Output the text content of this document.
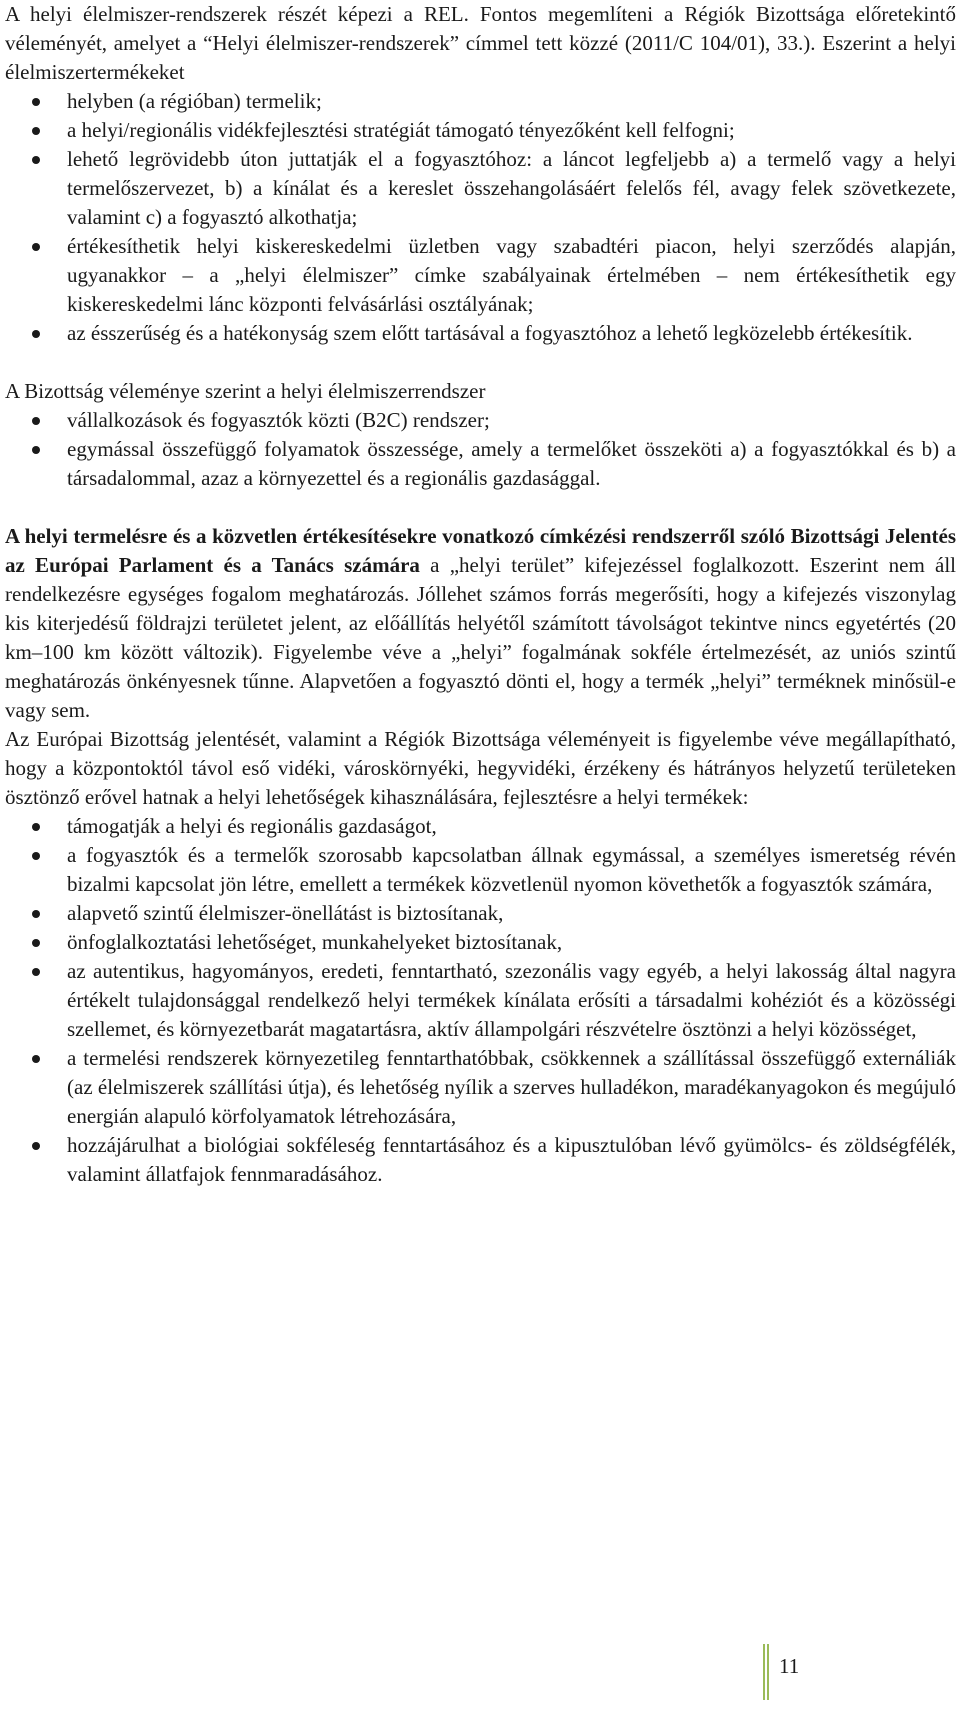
A helyi élelmiszer-rendszerek részét képezi a REL. Fontos megemlíteni a Régiók Bizottsága előretekintő véleményét, amelyet a “Helyi élelmiszer-rendszerek” címmel tett közzé (2011/C 104/01), 33.). Eszerint a helyi élelmiszertermékeket

helyben (a régióban) termelik;
a helyi/regionális vidékfejlesztési stratégiát támogató tényezőként kell felfogni;
lehető legrövidebb úton juttatják el a fogyasztóhoz: a láncot legfeljebb a) a termelő vagy a helyi termelőszervezet, b) a kínálat és a kereslet összehangolásáért felelős fél, avagy felek szövetkezete, valamint c) a fogyasztó alkothatja;
értékesíthetik helyi kiskereskedelmi üzletben vagy szabadtéri piacon, helyi szerződés alapján, ugyanakkor – a „helyi élelmiszer” címke szabályainak értelmében – nem értékesíthetik egy kiskereskedelmi lánc központi felvásárlási osztályának;
az ésszerűség és a hatékonyság szem előtt tartásával a fogyasztóhoz a lehető legközelebb értékesítik.

A Bizottság véleménye szerint a helyi élelmiszerrendszer

vállalkozások és fogyasztók közti (B2C) rendszer;
egymással összefüggő folyamatok összessége, amely a termelőket összeköti a) a fogyasztókkal és b) a társadalommal, azaz a környezettel és a regionális gazdasággal.

A helyi termelésre és a közvetlen értékesítésekre vonatkozó címkézési rendszerről szóló Bizottsági Jelentés az Európai Parlament és a Tanács számára a „helyi terület” kifejezéssel foglalkozott. Eszerint nem áll rendelkezésre egységes fogalom meghatározás. Jóllehet számos forrás megerősíti, hogy a kifejezés viszonylag kis kiterjedésű földrajzi területet jelent, az előállítás helyétől számított távolságot tekintve nincs egyetértés (20 km–100 km között változik). Figyelembe véve a „helyi” fogalmának sokféle értelmezését, az uniós szintű meghatározás önkényesnek tűnne. Alapvetően a fogyasztó dönti el, hogy a termék „helyi” terméknek minősül-e vagy sem.

Az Európai Bizottság jelentését, valamint a Régiók Bizottsága véleményeit is figyelembe véve megállapítható, hogy a központoktól távol eső vidéki, városkörnyéki, hegyvidéki, érzékeny és hátrányos helyzetű területeken ösztönző erővel hatnak a helyi lehetőségek kihasználására, fejlesztésre a helyi termékek:

támogatják a helyi és regionális gazdaságot,
a fogyasztók és a termelők szorosabb kapcsolatban állnak egymással, a személyes ismeretség révén bizalmi kapcsolat jön létre, emellett a termékek közvetlenül nyomon követhetők a fogyasztók számára,
alapvető szintű élelmiszer-önellátást is biztosítanak,
önfoglalkoztatási lehetőséget, munkahelyeket biztosítanak,
az autentikus, hagyományos, eredeti, fenntartható, szezonális vagy egyéb, a helyi lakosság által nagyra értékelt tulajdonsággal rendelkező helyi termékek kínálata erősíti a társadalmi kohéziót és a közösségi szellemet, és környezetbarát magatartásra, aktív állampolgári részvételre ösztönzi a helyi közösséget,
a termelési rendszerek környezetileg fenntarthatóbbak, csökkennek a szállítással összefüggő externáliák (az élelmiszerek szállítási útja), és lehetőség nyílik a szerves hulladékon, maradékanyagokon és megújuló energián alapuló körfolyamatok létrehozására,
hozzájárulhat a biológiai sokféleség fenntartásához és a kipusztulóban lévő gyümölcs- és zöldségfélék, valamint állatfajok fennmaradásához.
11
